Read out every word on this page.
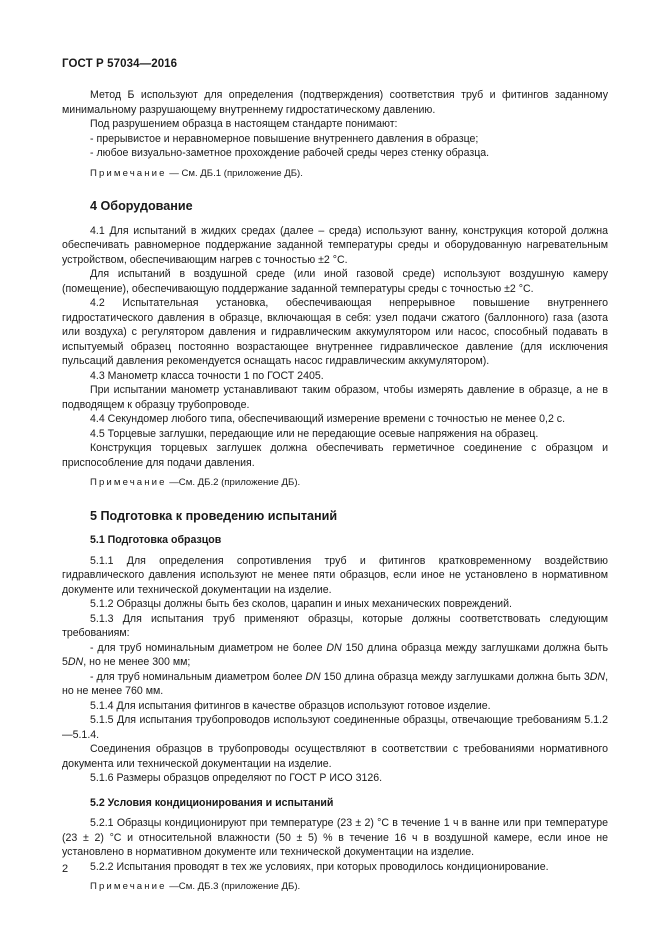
ГОСТ Р 57034—2016

Метод Б используют для определения (подтверждения) соответствия труб и фитингов заданному минимальному разрушающему внутреннему гидростатическому давлению.

Под разрушением образца в настоящем стандарте понимают:

- прерывистое и неравномерное повышение внутреннего давления в образце;

- любое визуально-заметное прохождение рабочей среды через стенку образца.

Примечание — См. ДБ.1 (приложение ДБ).

4 Оборудование

4.1 Для испытаний в жидких средах (далее – среда) используют ванну, конструкция которой должна обеспечивать равномерное поддержание заданной температуры среды и оборудованную нагревательным устройством, обеспечивающим нагрев с точностью ±2 °С.

Для испытаний в воздушной среде (или иной газовой среде) используют воздушную камеру (помещение), обеспечивающую поддержание заданной температуры среды с точностью ±2 °С.

4.2 Испытательная установка, обеспечивающая непрерывное повышение внутреннего гидростатического давления в образце, включающая в себя: узел подачи сжатого (баллонного) газа (азота или воздуха) с регулятором давления и гидравлическим аккумулятором или насос, способный подавать в испытуемый образец постоянно возрастающее внутреннее гидравлическое давление (для исключения пульсаций давления рекомендуется оснащать насос гидравлическим аккумулятором).

4.3 Манометр класса точности 1 по ГОСТ 2405.

При испытании манометр устанавливают таким образом, чтобы измерять давление в образце, а не в подводящем к образцу трубопроводе.

4.4 Секундомер любого типа, обеспечивающий измерение времени с точностью не менее 0,2 с.

4.5 Торцевые заглушки, передающие или не передающие осевые напряжения на образец.

Конструкция торцевых заглушек должна обеспечивать герметичное соединение с образцом и приспособление для подачи давления.

Примечание —См. ДБ.2 (приложение ДБ).

5 Подготовка к проведению испытаний
5.1 Подготовка образцов

5.1.1 Для определения сопротивления труб и фитингов кратковременному воздействию гидравлического давления используют не менее пяти образцов, если иное не установлено в нормативном документе или технической документации на изделие.

5.1.2 Образцы должны быть без сколов, царапин и иных механических повреждений.

5.1.3 Для испытания труб применяют образцы, которые должны соответствовать следующим требованиям:

- для труб номинальным диаметром не более DN 150 длина образца между заглушками должна быть 5DN, но не менее 300 мм;

- для труб номинальным диаметром более DN 150 длина образца между заглушками должна быть 3DN, но не менее 760 мм.

5.1.4 Для испытания фитингов в качестве образцов используют готовое изделие.

5.1.5 Для испытания трубопроводов используют соединенные образцы, отвечающие требованиям 5.1.2—5.1.4.

Соединения образцов в трубопроводы осуществляют в соответствии с требованиями нормативного документа или технической документации на изделие.

5.1.6 Размеры образцов определяют по ГОСТ Р ИСО 3126.

5.2 Условия кондиционирования и испытаний

5.2.1 Образцы кондиционируют при температуре (23 ± 2) °С в течение 1 ч в ванне или при температуре (23 ± 2) °С и относительной влажности (50 ± 5) % в течение 16 ч в воздушной камере, если иное не установлено в нормативном документе или технической документации на изделие.

5.2.2 Испытания проводят в тех же условиях, при которых проводилось кондиционирование.

Примечание —См. ДБ.3 (приложение ДБ).

2
